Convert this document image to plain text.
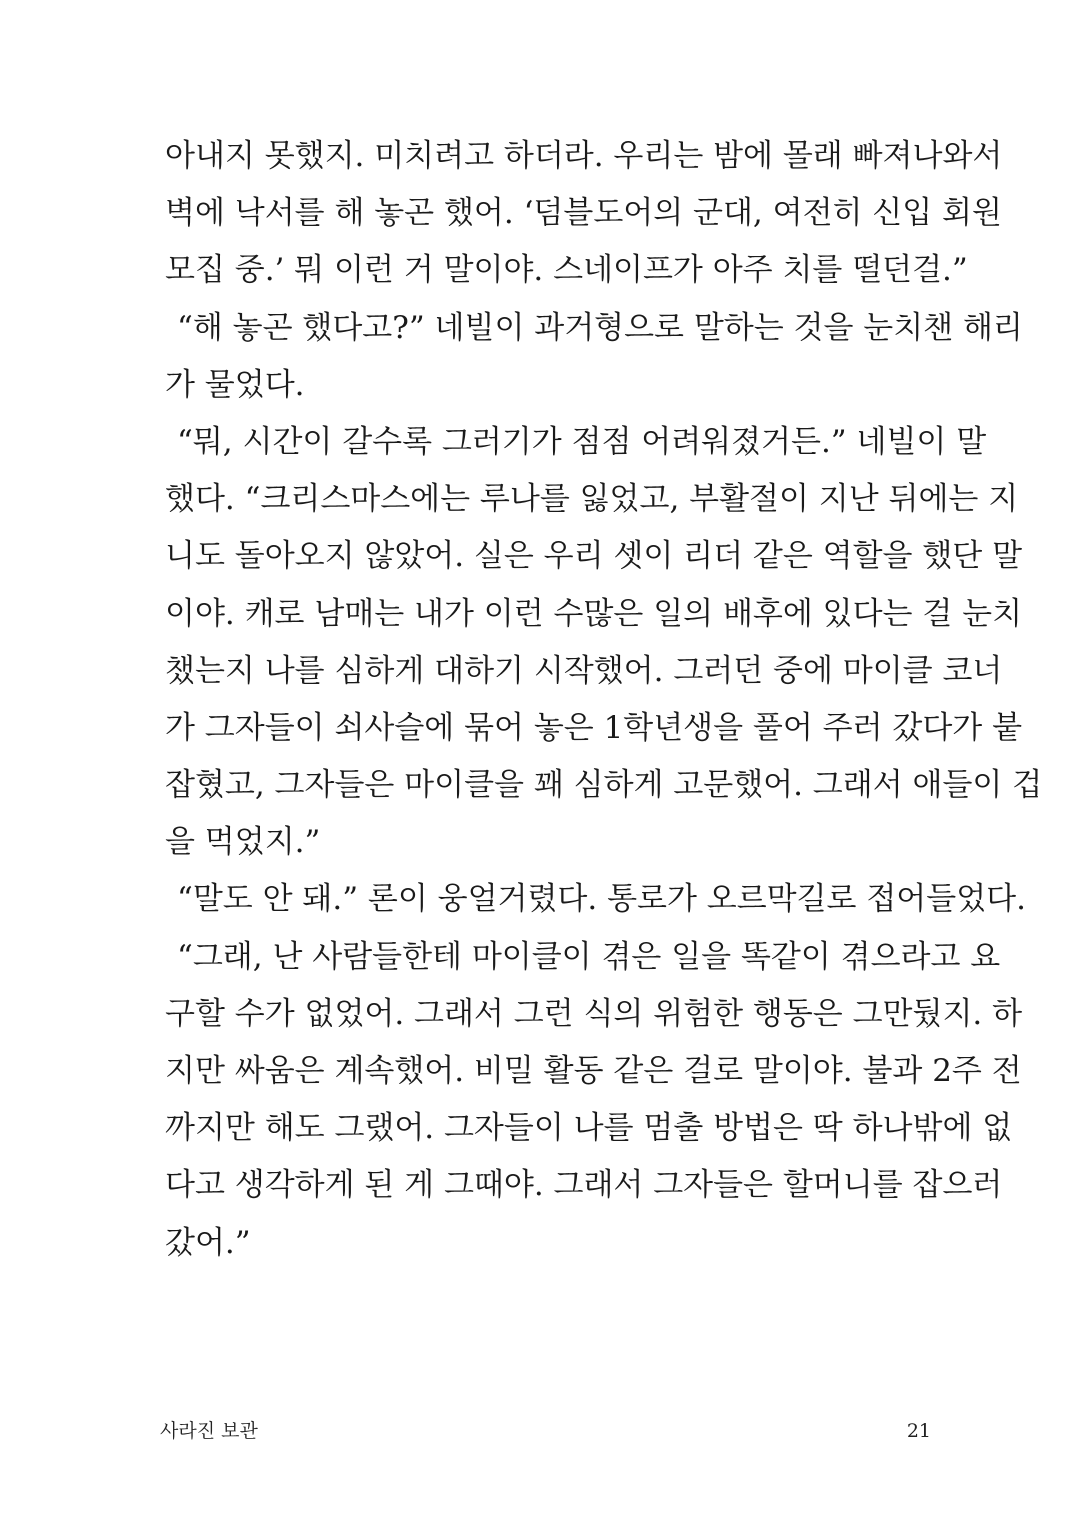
아내지 못했지. 미치려고 하더라. 우리는 밤에 몰래 빠져나와서
벽에 낙서를 해 놓곤 했어. ‘덤블도어의 군대, 여전히 신입 회원
모집 중.’ 뭐 이런 거 말이야. 스네이프가 아주 치를 떨던걸.”
“해 놓곤 했다고?” 네빌이 과거형으로 말하는 것을 눈치챈 해리
가 물었다.
“뭐, 시간이 갈수록 그러기가 점점 어려워졌거든.” 네빌이 말
했다. “크리스마스에는 루나를 잃었고, 부활절이 지난 뒤에는 지
니도 돌아오지 않았어. 실은 우리 셋이 리더 같은 역할을 했단 말
이야. 캐로 남매는 내가 이런 수많은 일의 배후에 있다는 걸 눈치
챘는지 나를 심하게 대하기 시작했어. 그러던 중에 마이클 코너
가 그자들이 쇠사슬에 묶어 놓은 1학년생을 풀어 주러 갔다가 붙
잡혔고, 그자들은 마이클을 꽤 심하게 고문했어. 그래서 애들이 겁
을 먹었지.”
“말도 안 돼.” 론이 웅얼거렸다. 통로가 오르막길로 접어들었다.
“그래, 난 사람들한테 마이클이 겪은 일을 똑같이 겪으라고 요
구할 수가 없었어. 그래서 그런 식의 위험한 행동은 그만뒀지. 하
지만 싸움은 계속했어. 비밀 활동 같은 걸로 말이야. 불과 2주 전
까지만 해도 그랬어. 그자들이 나를 멈출 방법은 딱 하나밖에 없
다고 생각하게 된 게 그때야. 그래서 그자들은 할머니를 잡으러
갔어.”
사라진 보관	21
